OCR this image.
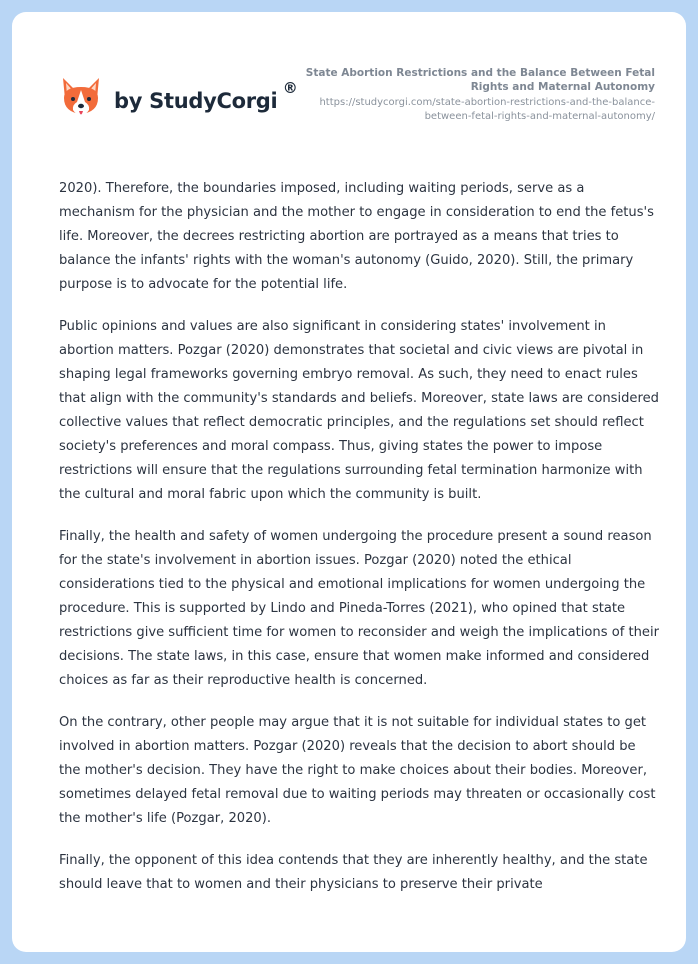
by StudyCorgi
®
State Abortion Restrictions and the Balance Between Fetal Rights and Maternal Autonomy
https://studycorgi.com/state-abortion-restrictions-and-the-balance-between-fetal-rights-and-maternal-autonomy/

2020). Therefore, the boundaries imposed, including waiting periods, serve as a mechanism for the physician and the mother to engage in consideration to end the fetus's life. Moreover, the decrees restricting abortion are portrayed as a means that tries to balance the infants' rights with the woman's autonomy (Guido, 2020). Still, the primary purpose is to advocate for the potential life.

Public opinions and values are also significant in considering states' involvement in abortion matters. Pozgar (2020) demonstrates that societal and civic views are pivotal in shaping legal frameworks governing embryo removal. As such, they need to enact rules that align with the community's standards and beliefs. Moreover, state laws are considered collective values that reflect democratic principles, and the regulations set should reflect society's preferences and moral compass. Thus, giving states the power to impose restrictions will ensure that the regulations surrounding fetal termination harmonize with the cultural and moral fabric upon which the community is built.

Finally, the health and safety of women undergoing the procedure present a sound reason for the state's involvement in abortion issues. Pozgar (2020) noted the ethical considerations tied to the physical and emotional implications for women undergoing the procedure. This is supported by Lindo and Pineda-Torres (2021), who opined that state restrictions give sufficient time for women to reconsider and weigh the implications of their decisions. The state laws, in this case, ensure that women make informed and considered choices as far as their reproductive health is concerned.

On the contrary, other people may argue that it is not suitable for individual states to get involved in abortion matters. Pozgar (2020) reveals that the decision to abort should be the mother's decision. They have the right to make choices about their bodies. Moreover, sometimes delayed fetal removal due to waiting periods may threaten or occasionally cost the mother's life (Pozgar, 2020).

Finally, the opponent of this idea contends that they are inherently healthy, and the state should leave that to women and their physicians to preserve their private
